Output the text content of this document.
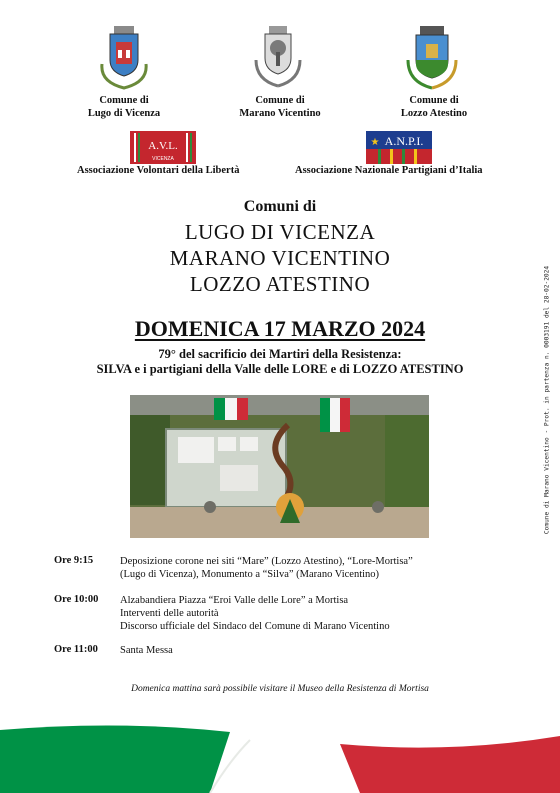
Comune di
Lugo di Vicenza
Comune di
Marano Vicentino
Comune di
Lozzo Atestino
A.V.L.
VICENZA
★ A.N.P.I.
Associazione Volontari della Libertà	Associazione Nazionale Partigiani d’Italia
Comuni di
LUGO DI VICENZA
MARANO VICENTINO
LOZZO ATESTINO
DOMENICA 17 MARZO 2024
79° del sacrificio dei Martiri della Resistenza:
SILVA e i partigiani della Valle delle LORE e di LOZZO ATESTINO
Ore 9:15	Deposizione corone nei siti “Mare” (Lozzo Atestino), “Lore-Mortisa”
(Lugo di Vicenza), Monumento a “Silva” (Marano Vicentino)
Ore 10:00 Alzabandiera Piazza “Eroi Valle delle Lore” a Mortisa
Interventi delle autorità
Discorso ufficiale del Sindaco del Comune di Marano Vicentino
Ore 11:00 Santa Messa
Domenica mattina sarà possibile visitare il Museo della Resistenza di Mortisa
Comune di Marano Vicentino - Prot. in partenza n. 0003191 del 28-02-2024
